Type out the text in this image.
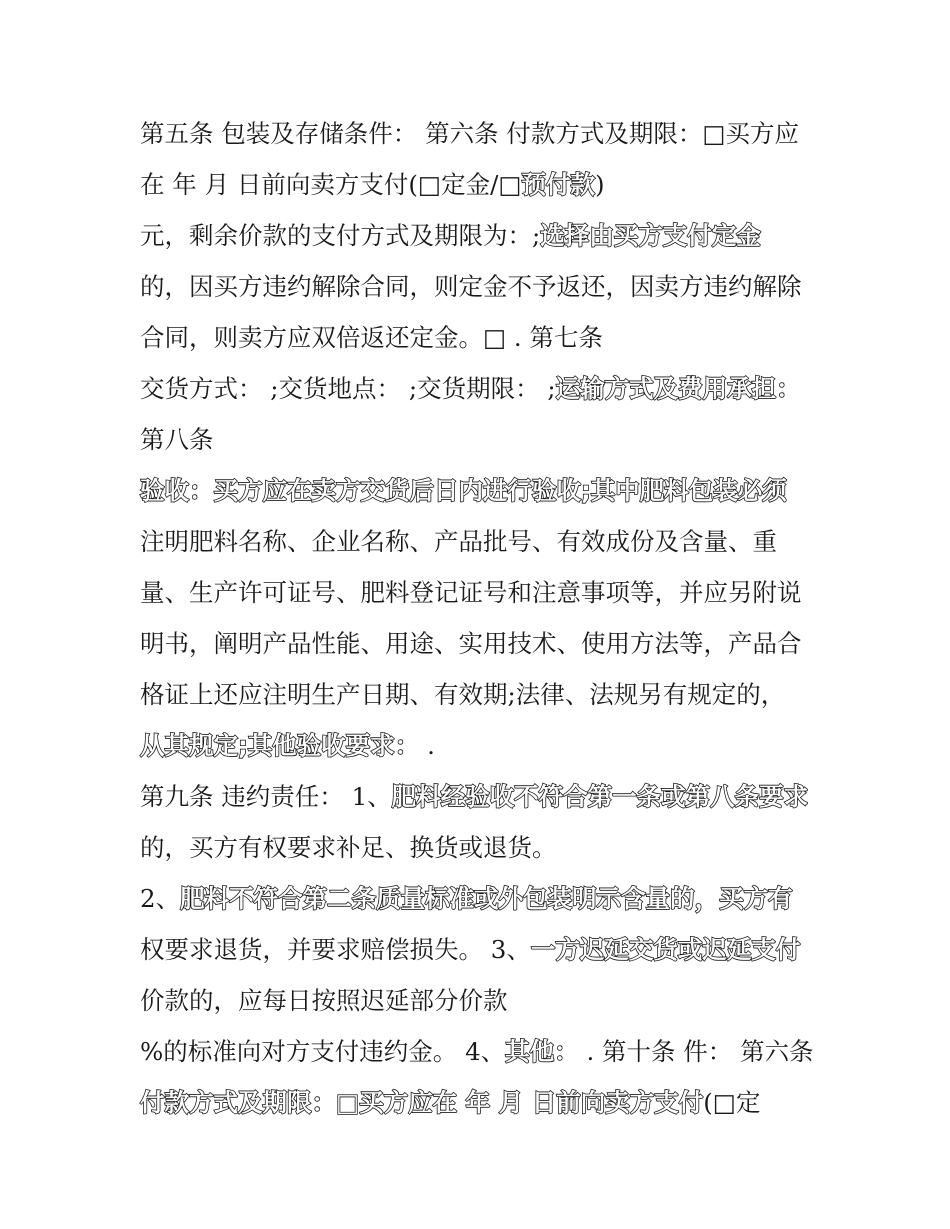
第五条 包装及存储条件： 第六条 付款方式及期限：□买方应
在 年 月 日前向卖方支付(□定金/□预付款)
元，剩余价款的支付方式及期限为：;选择由买方支付定金
的，因买方违约解除合同，则定金不予返还，因卖方违约解除
合同，则卖方应双倍返还定金。□ . 第七条
交货方式： ;交货地点： ;交货期限： ;运输方式及费用承担：
第八条
验收：买方应在卖方交货后日内进行验收;其中肥料包装必须
注明肥料名称、企业名称、产品批号、有效成份及含量、重
量、生产许可证号、肥料登记证号和注意事项等，并应另附说
明书，阐明产品性能、用途、实用技术、使用方法等，产品合
格证上还应注明生产日期、有效期;法律、法规另有规定的，
从其规定;其他验收要求： .
第九条 违约责任： 1、肥料经验收不符合第一条或第八条要求
的，买方有权要求补足、换货或退货。
2、肥料不符合第二条质量标准或外包装明示含量的，买方有
权要求退货，并要求赔偿损失。 3、一方迟延交货或迟延支付
价款的，应每日按照迟延部分价款
%的标准向对方支付违约金。 4、其他： . 第十条 件： 第六条
付款方式及期限：□买方应在 年 月 日前向卖方支付(□定
